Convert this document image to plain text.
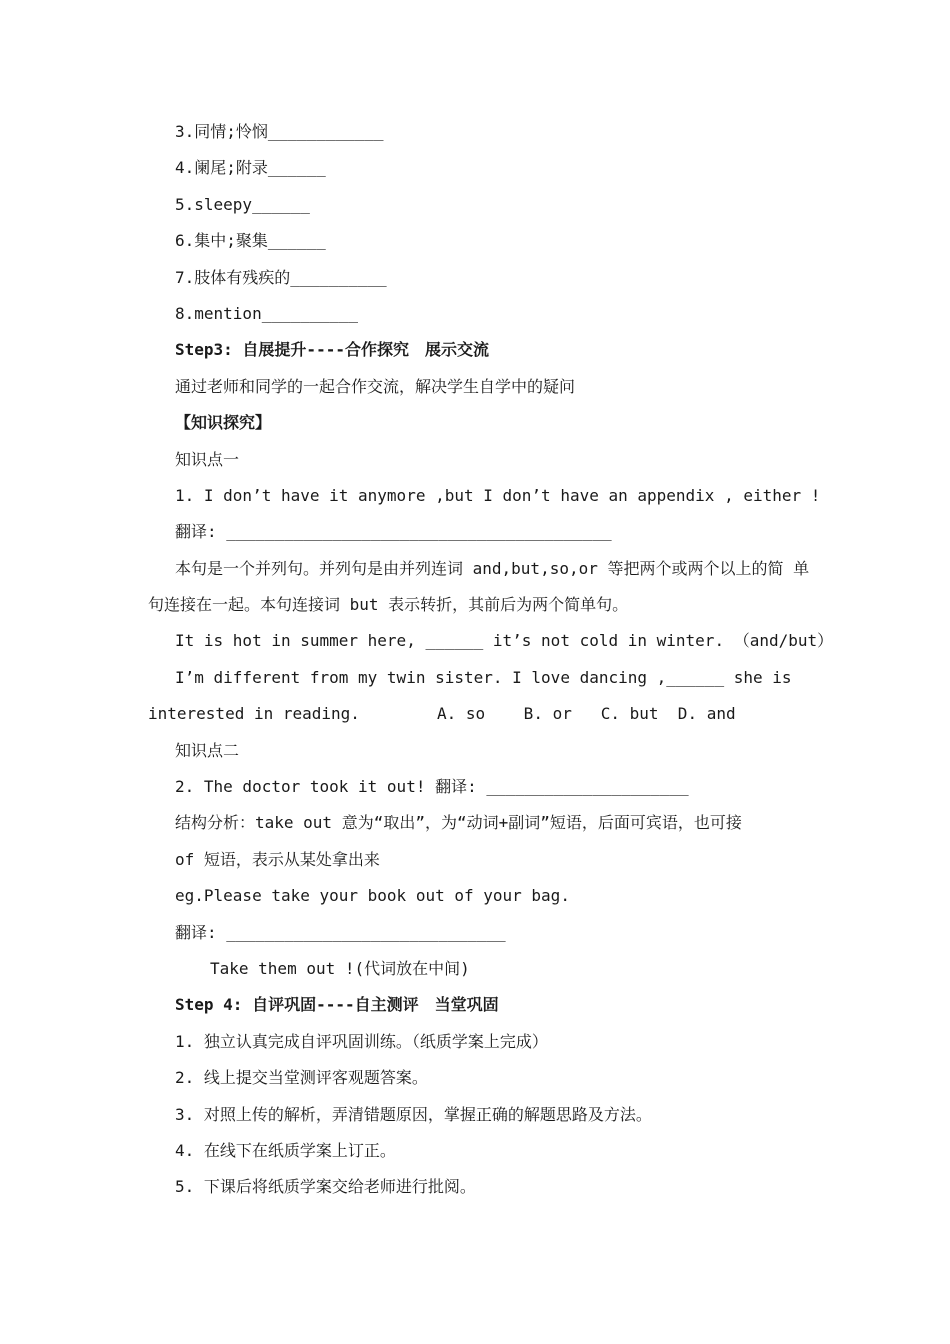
3.同情;怜悯____________
4.阑尾;附录______
5.sleepy______
6.集中;聚集______
7.肢体有残疾的__________
8.mention__________
Step3: 自展提升----合作探究　展示交流
通过老师和同学的一起合作交流，解决学生自学中的疑问
【知识探究】
知识点一
1. I don’t have it anymore ,but I don’t have an appendix , either !
翻译: ________________________________________
本句是一个并列句。并列句是由并列连词 and,but,so,or 等把两个或两个以上的简 单
句连接在一起。本句连接词 but 表示转折，其前后为两个简单句。
It is hot in summer here, ______ it’s not cold in winter. （and/but）
I’m different from my twin sister. I love dancing ,______ she is
interested in reading.        A. so    B. or   C. but  D. and
知识点二
2. The doctor took it out! 翻译: _____________________
结构分析：take out 意为“取出”，为“动词+副词”短语，后面可宾语，也可接
of 短语，表示从某处拿出来
eg.Please take your book out of your bag.
翻译: _____________________________
Take them out !(代词放在中间)
Step 4: 自评巩固----自主测评　当堂巩固
1. 独立认真完成自评巩固训练。（纸质学案上完成）
2. 线上提交当堂测评客观题答案。
3. 对照上传的解析，弄清错题原因，掌握正确的解题思路及方法。
4. 在线下在纸质学案上订正。
5. 下课后将纸质学案交给老师进行批阅。
